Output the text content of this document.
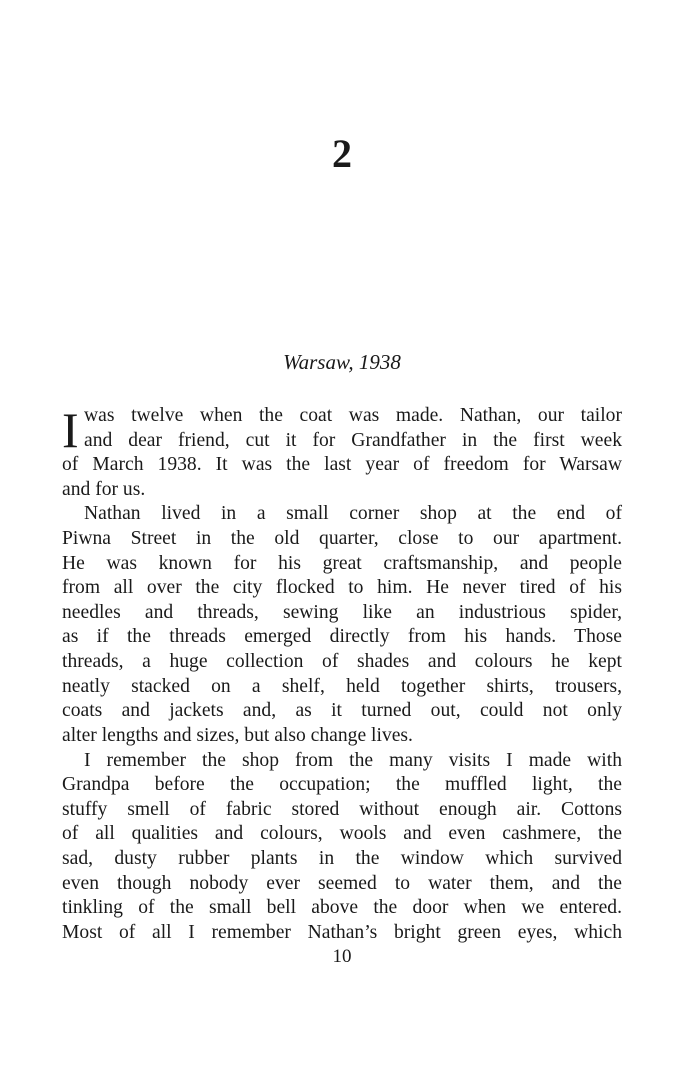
2
Warsaw, 1938
I was twelve when the coat was made. Nathan, our tailor
and dear friend, cut it for Grandfather in the first week
of March 1938. It was the last year of freedom for Warsaw
and for us.
Nathan lived in a small corner shop at the end of
Piwna Street in the old quarter, close to our apartment.
He was known for his great craftsmanship, and people
from all over the city flocked to him. He never tired of his
needles and threads, sewing like an industrious spider,
as if the threads emerged directly from his hands. Those
threads, a huge collection of shades and colours he kept
neatly stacked on a shelf, held together shirts, trousers,
coats and jackets and, as it turned out, could not only
alter lengths and sizes, but also change lives.
I remember the shop from the many visits I made with
Grandpa before the occupation; the muffled light, the
stuffy smell of fabric stored without enough air. Cottons
of all qualities and colours, wools and even cashmere, the
sad, dusty rubber plants in the window which survived
even though nobody ever seemed to water them, and the
tinkling of the small bell above the door when we entered.
Most of all I remember Nathan’s bright green eyes, which
10
